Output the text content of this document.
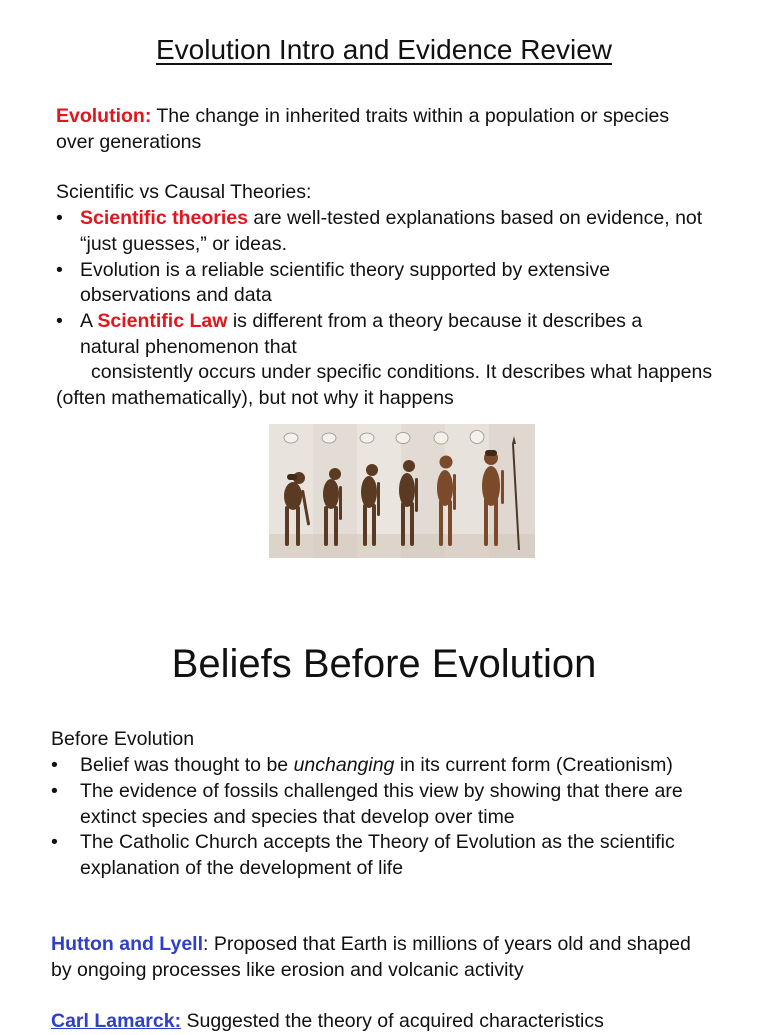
Evolution Intro and Evidence Review
Evolution: The change in inherited traits within a population or species over generations
Scientific vs Causal Theories:
• Scientific theories are well-tested explanations based on evidence, not “just guesses,” or ideas.
• Evolution is a reliable scientific theory supported by extensive observations and data
• A Scientific Law is different from a theory because it describes a natural phenomenon that
consistently occurs under specific conditions. It describes what happens (often mathematically), but not why it happens
Beliefs Before Evolution
Before Evolution
• Belief was thought to be unchanging in its current form (Creationism)
• The evidence of fossils challenged this view by showing that there are extinct species and species that develop over time
• The Catholic Church accepts the Theory of Evolution as the scientific explanation of the development of life
Hutton and Lyell: Proposed that Earth is millions of years old and shaped by ongoing processes like erosion and volcanic activity
Carl Lamarck: Suggested the theory of acquired characteristics
